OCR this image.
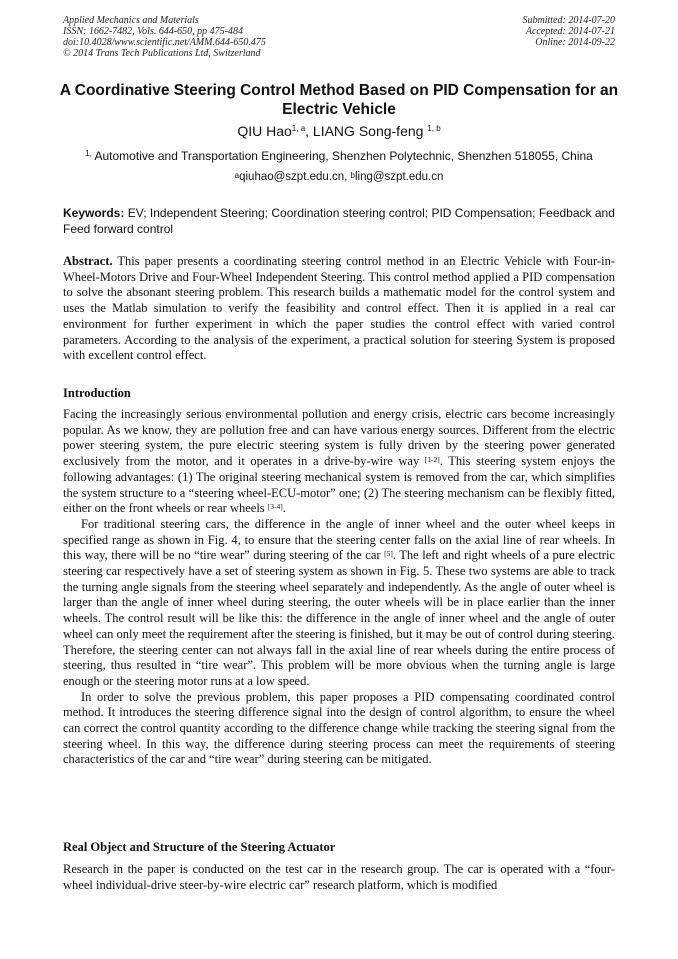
Applied Mechanics and Materials
ISSN: 1662-7482, Vols. 644-650, pp 475-484
doi:10.4028/www.scientific.net/AMM.644-650.475
© 2014 Trans Tech Publications Ltd, Switzerland
Submitted: 2014-07-20
Accepted: 2014-07-21
Online: 2014-09-22
A Coordinative Steering Control Method Based on PID Compensation for an Electric Vehicle
QIU Hao$^{1, a}$, LIANG Song-feng $^{1, b}$
$^{1,}$ Automotive and Transportation Engineering, Shenzhen Polytechnic, Shenzhen 518055, China
$^a$qiuhao@szpt.edu.cn, $^b$ling@szpt.edu.cn
Keywords: EV; Independent Steering; Coordination steering control; PID Compensation; Feedback and Feed forward control
Abstract. This paper presents a coordinating steering control method in an Electric Vehicle with Four-in-Wheel-Motors Drive and Four-Wheel Independent Steering. This control method applied a PID compensation to solve the absonant steering problem. This research builds a mathematic model for the control system and uses the Matlab simulation to verify the feasibility and control effect. Then it is applied in a real car environment for further experiment in which the paper studies the control effect with varied control parameters. According to the analysis of the experiment, a practical solution for steering System is proposed with excellent control effect.
Introduction

Facing the increasingly serious environmental pollution and energy crisis, electric cars become increasingly popular. As we know, they are pollution free and can have various energy sources. Different from the electric power steering system, the pure electric steering system is fully driven by the steering power generated exclusively from the motor, and it operates in a drive-by-wire way [1-2]. This steering system enjoys the following advantages: (1) The original steering mechanical system is removed from the car, which simplifies the system structure to a “steering wheel-ECU-motor” one; (2) The steering mechanism can be flexibly fitted, either on the front wheels or rear wheels [3-4].

For traditional steering cars, the difference in the angle of inner wheel and the outer wheel keeps in specified range as shown in Fig. 4, to ensure that the steering center falls on the axial line of rear wheels. In this way, there will be no “tire wear” during steering of the car [5]. The left and right wheels of a pure electric steering car respectively have a set of steering system as shown in Fig. 5. These two systems are able to track the turning angle signals from the steering wheel separately and independently. As the angle of outer wheel is larger than the angle of inner wheel during steering, the outer wheels will be in place earlier than the inner wheels. The control result will be like this: the difference in the angle of inner wheel and the angle of outer wheel can only meet the requirement after the steering is finished, but it may be out of control during steering. Therefore, the steering center can not always fall in the axial line of rear wheels during the entire process of steering, thus resulted in “tire wear”. This problem will be more obvious when the turning angle is large enough or the steering motor runs at a low speed.

In order to solve the previous problem, this paper proposes a PID compensating coordinated control method. It introduces the steering difference signal into the design of control algorithm, to ensure the wheel can correct the control quantity according to the difference change while tracking the steering signal from the steering wheel. In this way, the difference during steering process can meet the requirements of steering characteristics of the car and “tire wear” during steering can be mitigated.

Real Object and Structure of the Steering Actuator

Research in the paper is conducted on the test car in the research group. The car is operated with a “four-wheel individual-drive steer-by-wire electric car” research platform, which is modified
